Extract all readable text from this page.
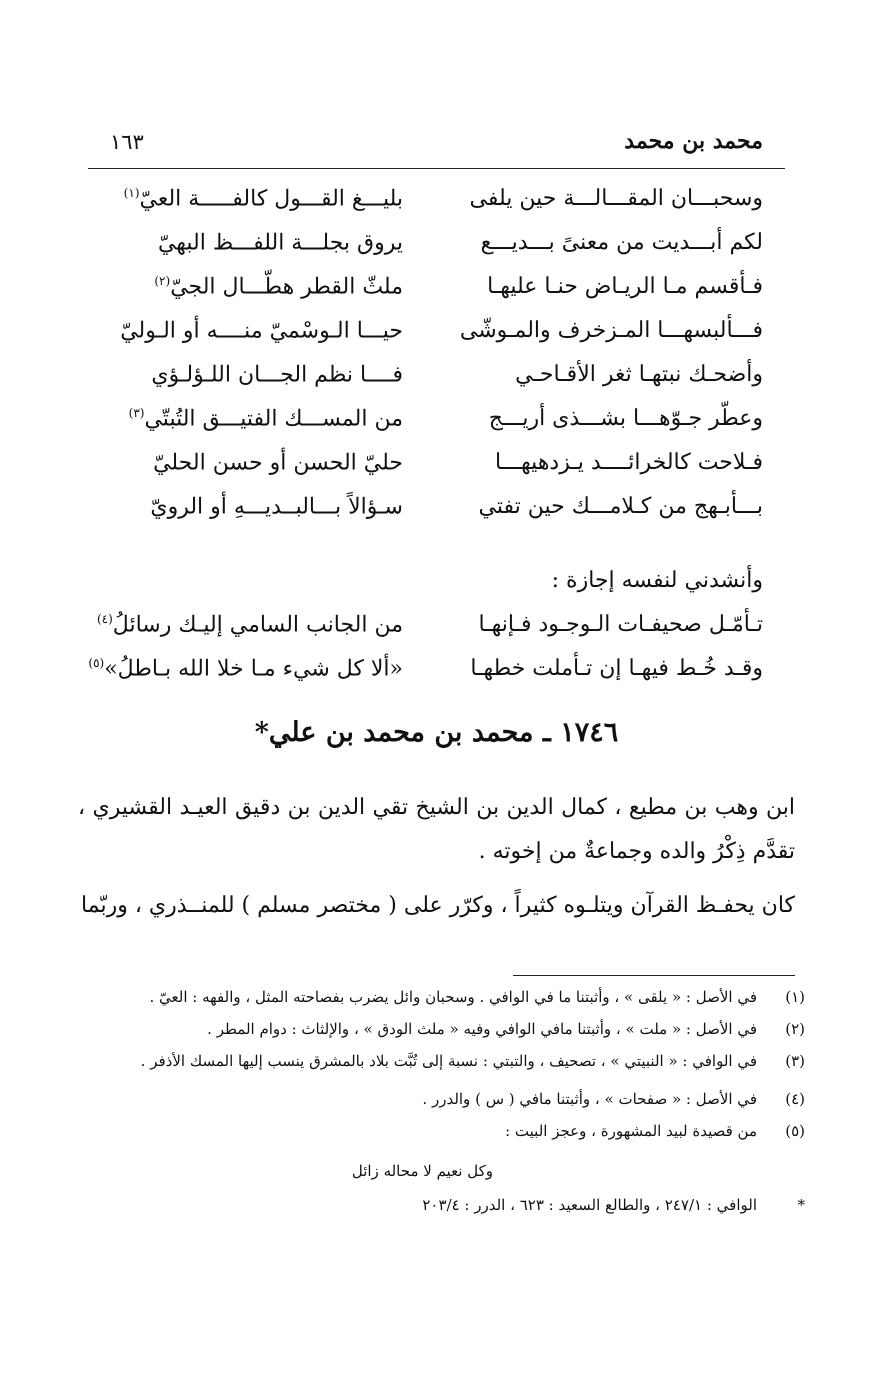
محمد بن محمد
١٦٣
وسحبـــان المقـــالـــة حين يلفى
بليـــغ القـــول كالفـــــة العيّ$^{(١)}$
لكم أبـــديت من معنىً بـــديـــع
يروق بجلـــة اللفـــظ البهيّ
فـأقسم مـا الريـاض حنـا عليهـا
ملثّ القطر هطّـــال الجيّ$^{(٢)}$
فـــألبسهـــا المـزخرف والمـوشّى
حيـــا الـوسْميّ منــــه أو الـوليّ
وأضحـك نبتهـا ثغر الأقـاحـي
فــــا نظم الجـــان اللـؤلـؤي
وعطّر جـوّهـــا بشـــذى أريـــج
من المســـك الفتيـــق التُبتّي$^{(٣)}$
فـلاحت كالخرائــــد يـزدهيهـــا
حليّ الحسن أو حسن الحليّ
بـــأبـهج من كـلامـــك حين تفتي
سـؤالاً بـــالبــديـــهِ أو الرويّ
وأنشدني لنفسه إجازة :
تـأمّـل صحيفـات الـوجـود فـإنهـا
من الجانب السامي إليـك رسائلُ$^{(٤)}$
وقـد خُـط فيهـا إن تـأملت خطهـا
«ألا كل شيء مـا خلا الله بـاطلُ»$^{(٥)}$
١٧٤٦ ـ محمد بن محمد بن علي*
ابن وهب بن مطيع ، كمال الدين بن الشيخ تقي الدين بن دقيق العيـد القشيري ، تقدَّم ذِكْرُ والده وجماعةٌ من إخوته .
كان يحفـظ القرآن ويتلـوه كثيراً ، وكرّر على ( مختصر مسلم ) للمنــذري ، وربّما
(١)
في الأصل : « يلقى » ، وأثبتنا ما في الوافي . وسحبان وائل يضرب بفصاحته المثل ، والفهه : العيّ .
(٢)
في الأصل : « ملت » ، وأثبتنا مافي الوافي وفيه « ملث الودق » ، والإلثاث : دوام المطر .
(٣)
في الوافي : « النبيتي » ، تصحيف ، والتبتي : نسبة إلى تُبَّت بلاد بالمشرق ينسب إليها المسك الأذفر .
(٤)
في الأصل : « صفحات » ، وأثبتنا مافي ( س ) والدرر .
(٥)
من قصيدة لبيد المشهورة ، وعجز البيت :
وكل نعيم لا محاله زائل
*
الوافي : ٢٤٧/١ ، والطالع السعيد : ٦٢٣ ، الدرر : ٢٠٣/٤
